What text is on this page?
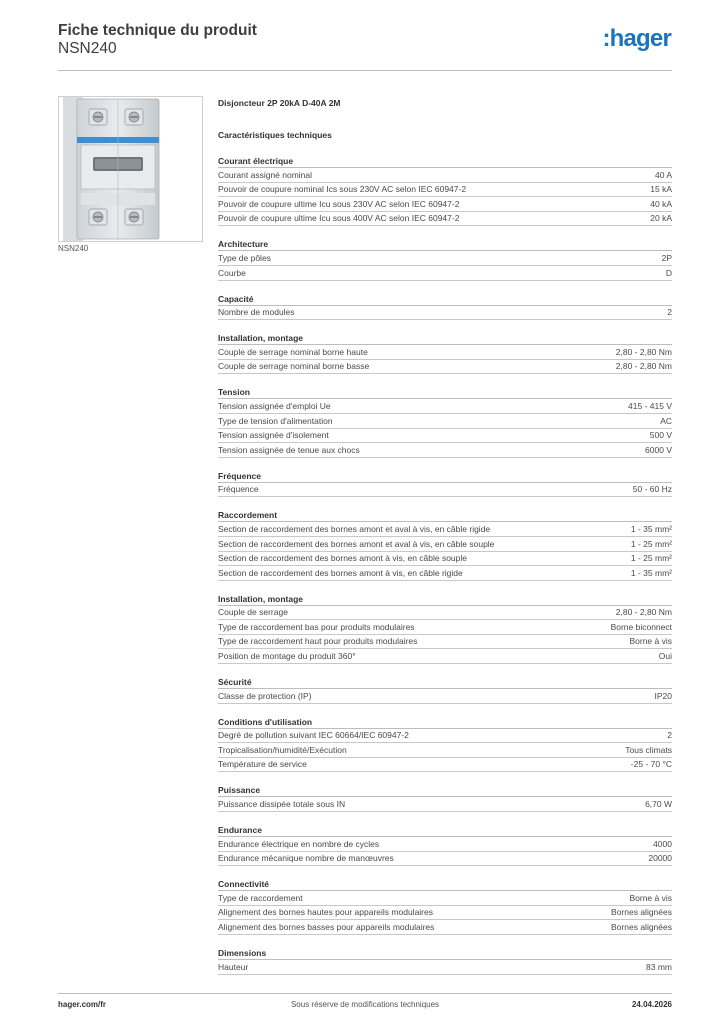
Fiche technique du produit
NSN240	:hager
NSN240
Disjoncteur 2P 20kA D-40A 2M
Caractéristiques techniques
Courant électrique
Courant assigné nominal	40 A
Pouvoir de coupure nominal Ics sous 230V AC selon IEC 60947-2	15 kA
Pouvoir de coupure ultime Icu sous 230V AC selon IEC 60947-2	40 kA
Pouvoir de coupure ultime Icu sous 400V AC selon IEC 60947-2	20 kA
Architecture
Type de pôles	2P
Courbe	D
Capacité
Nombre de modules	2
Installation, montage
Couple de serrage nominal borne haute	2,80 - 2,80 Nm
Couple de serrage nominal borne basse	2,80 - 2,80 Nm
Tension
Tension assignée d'emploi Ue	415 - 415 V
Type de tension d'alimentation	AC
Tension assignée d'isolement	500 V
Tension assignée de tenue aux chocs	6000 V
Fréquence
Fréquence	50 - 60 Hz
Raccordement
Section de raccordement des bornes amont et aval à vis, en câble rigide	1 - 35 mm²
Section de raccordement des bornes amont et aval à vis, en câble souple	1 - 25 mm²
Section de raccordement des bornes amont à vis, en câble souple	1 - 25 mm²
Section de raccordement des bornes amont à vis, en câble rigide	1 - 35 mm²
Installation, montage
Couple de serrage	2,80 - 2,80 Nm
Type de raccordement bas pour produits modulaires	Borne biconnect
Type de raccordement haut pour produits modulaires	Borne à vis
Position de montage du produit 360°	Oui
Sécurité
Classe de protection (IP)	IP20
Conditions d'utilisation
Degré de pollution suivant IEC 60664/IEC 60947-2	2
Tropicalisation/humidité/Exécution	Tous climats
Température de service	-25 - 70 °C
Puissance
Puissance dissipée totale sous IN	6,70 W
Endurance
Endurance électrique en nombre de cycles	4000
Endurance mécanique nombre de manœuvres	20000
Connectivité
Type de raccordement	Borne à vis
Alignement des bornes hautes pour appareils modulaires	Bornes alignées
Alignement des bornes basses pour appareils modulaires	Bornes alignées
Dimensions
Hauteur	83 mm
hager.com/fr	Sous réserve de modifications techniques	24.04.2026
